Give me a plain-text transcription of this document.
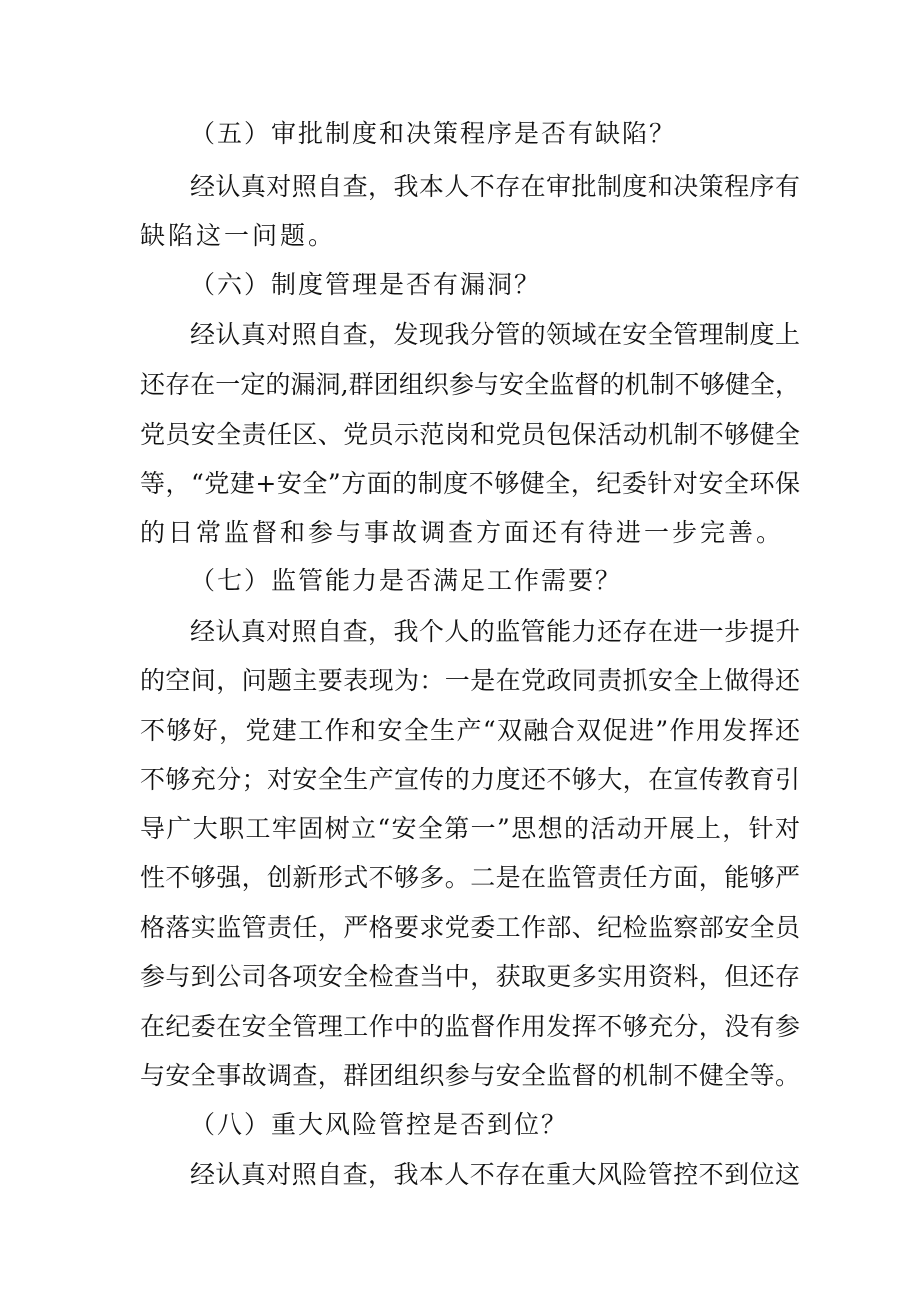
（五）审批制度和决策程序是否有缺陷？
经认真对照自查，我本人不存在审批制度和决策程序有
缺陷这一问题。
（六）制度管理是否有漏洞？
经认真对照自查，发现我分管的领域在安全管理制度上
还存在一定的漏洞,群团组织参与安全监督的机制不够健全，
党员安全责任区、党员示范岗和党员包保活动机制不够健全
等，“党建+安全”方面的制度不够健全，纪委针对安全环保
的日常监督和参与事故调查方面还有待进一步完善。
（七）监管能力是否满足工作需要？
经认真对照自查，我个人的监管能力还存在进一步提升
的空间，问题主要表现为：一是在党政同责抓安全上做得还
不够好，党建工作和安全生产“双融合双促进”作用发挥还
不够充分；对安全生产宣传的力度还不够大，在宣传教育引
导广大职工牢固树立“安全第一”思想的活动开展上，针对
性不够强，创新形式不够多。二是在监管责任方面，能够严
格落实监管责任，严格要求党委工作部、纪检监察部安全员
参与到公司各项安全检查当中，获取更多实用资料，但还存
在纪委在安全管理工作中的监督作用发挥不够充分，没有参
与安全事故调查，群团组织参与安全监督的机制不健全等。
（八）重大风险管控是否到位？
经认真对照自查，我本人不存在重大风险管控不到位这
